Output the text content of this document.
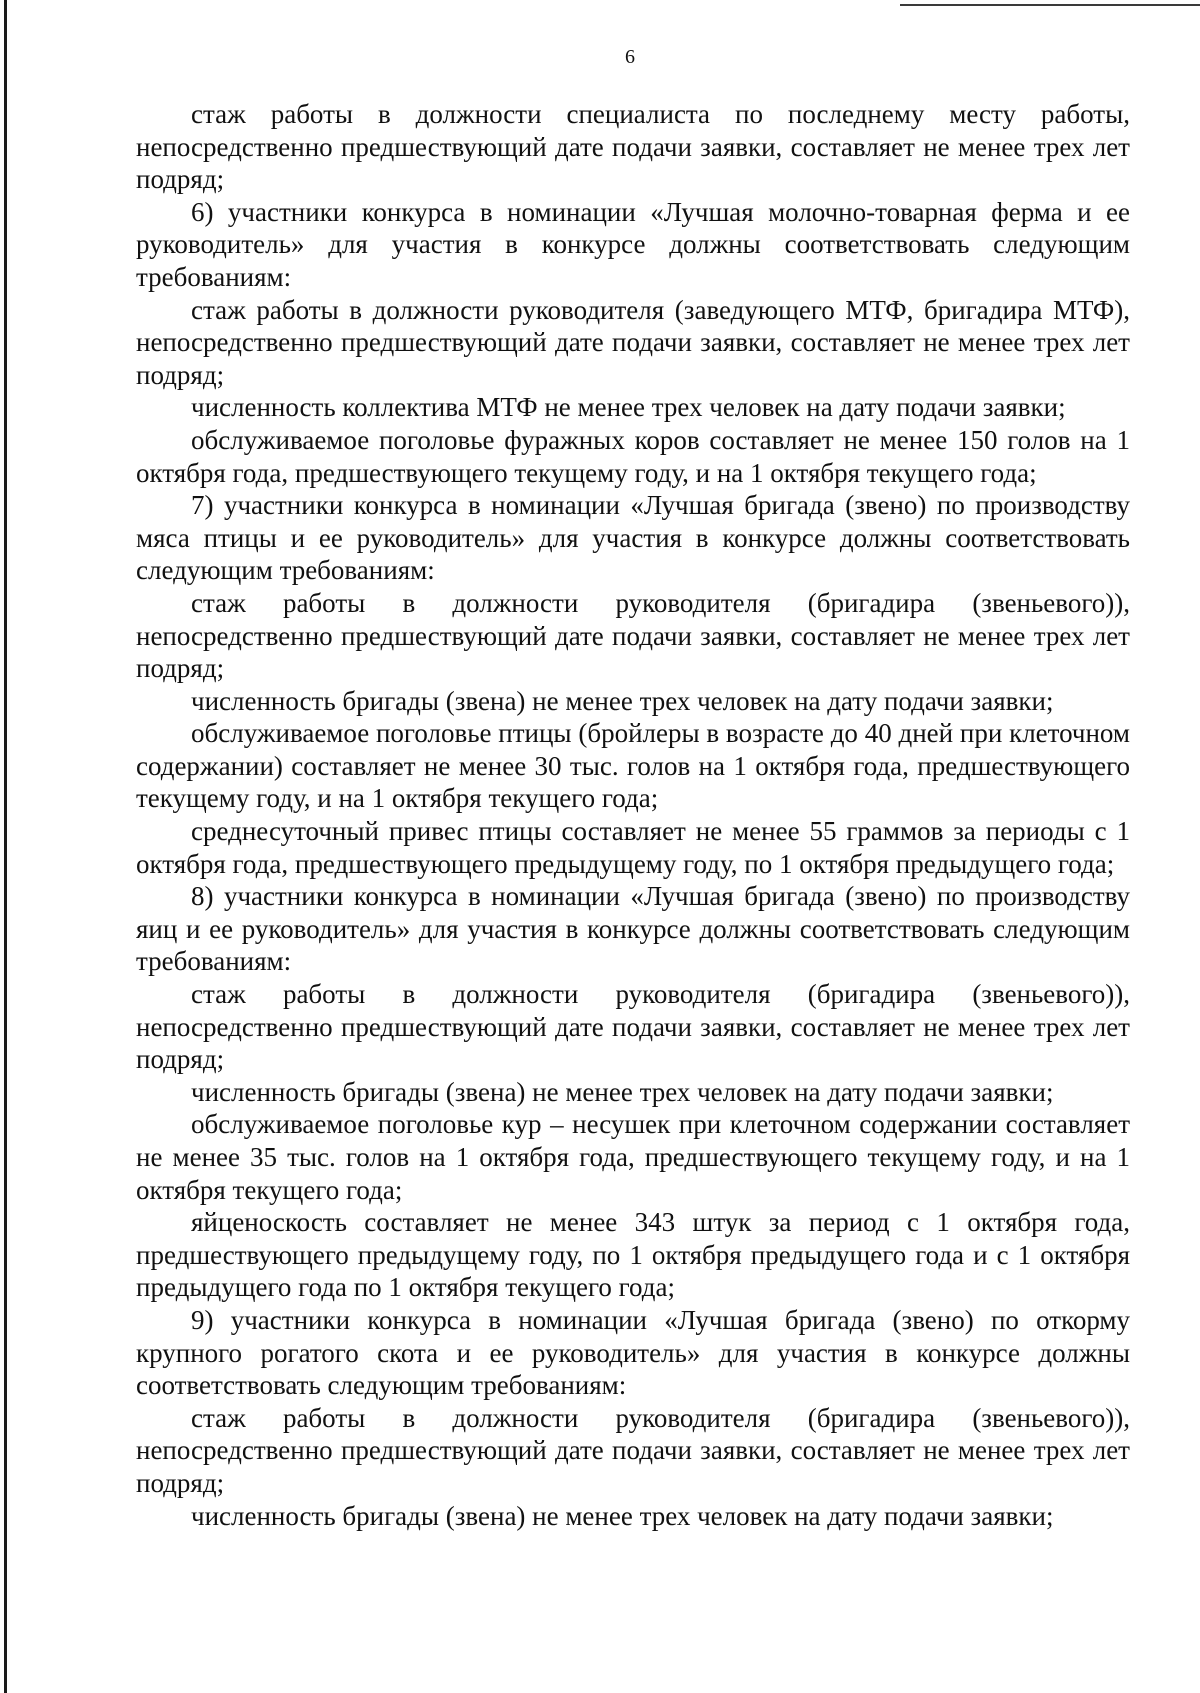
6

стаж работы в должности специалиста по последнему месту работы, непосредственно предшествующий дате подачи заявки, составляет не менее трех лет подряд;

6) участники конкурса в номинации «Лучшая молочно-товарная ферма и ее руководитель» для участия в конкурсе должны соответствовать следующим требованиям:

стаж работы в должности руководителя (заведующего МТФ, бригадира МТФ), непосредственно предшествующий дате подачи заявки, составляет не менее трех лет подряд;

численность коллектива МТФ не менее трех человек на дату подачи заявки;

обслуживаемое поголовье фуражных коров составляет не менее 150 голов на 1 октября года, предшествующего текущему году, и на 1 октября текущего года;

7) участники конкурса в номинации «Лучшая бригада (звено) по производству мяса птицы и ее руководитель» для участия в конкурсе должны соответствовать следующим требованиям:

стаж работы в должности руководителя (бригадира (звеньевого)), непосредственно предшествующий дате подачи заявки, составляет не менее трех лет подряд;

численность бригады (звена) не менее трех человек на дату подачи заявки;

обслуживаемое поголовье птицы (бройлеры в возрасте до 40 дней при клеточном содержании) составляет не менее 30 тыс. голов на 1 октября года, предшествующего текущему году, и на 1 октября текущего года;

среднесуточный привес птицы составляет не менее 55 граммов за периоды с 1 октября года, предшествующего предыдущему году, по 1 октября предыдущего года;

8) участники конкурса в номинации «Лучшая бригада (звено) по производству яиц и ее руководитель» для участия в конкурсе должны соответствовать следующим требованиям:

стаж работы в должности руководителя (бригадира (звеньевого)), непосредственно предшествующий дате подачи заявки, составляет не менее трех лет подряд;

численность бригады (звена) не менее трех человек на дату подачи заявки;

обслуживаемое поголовье кур – несушек при клеточном содержании составляет не менее 35 тыс. голов на 1 октября года, предшествующего текущему году, и на 1 октября текущего года;

яйценоскость составляет не менее 343 штук за период с 1 октября года, предшествующего предыдущему году, по 1 октября предыдущего года и с 1 октября предыдущего года по 1 октября текущего года;

9) участники конкурса в номинации «Лучшая бригада (звено) по откорму крупного рогатого скота и ее руководитель» для участия в конкурсе должны соответствовать следующим требованиям:

стаж работы в должности руководителя (бригадира (звеньевого)), непосредственно предшествующий дате подачи заявки, составляет не менее трех лет подряд;

численность бригады (звена) не менее трех человек на дату подачи заявки;
